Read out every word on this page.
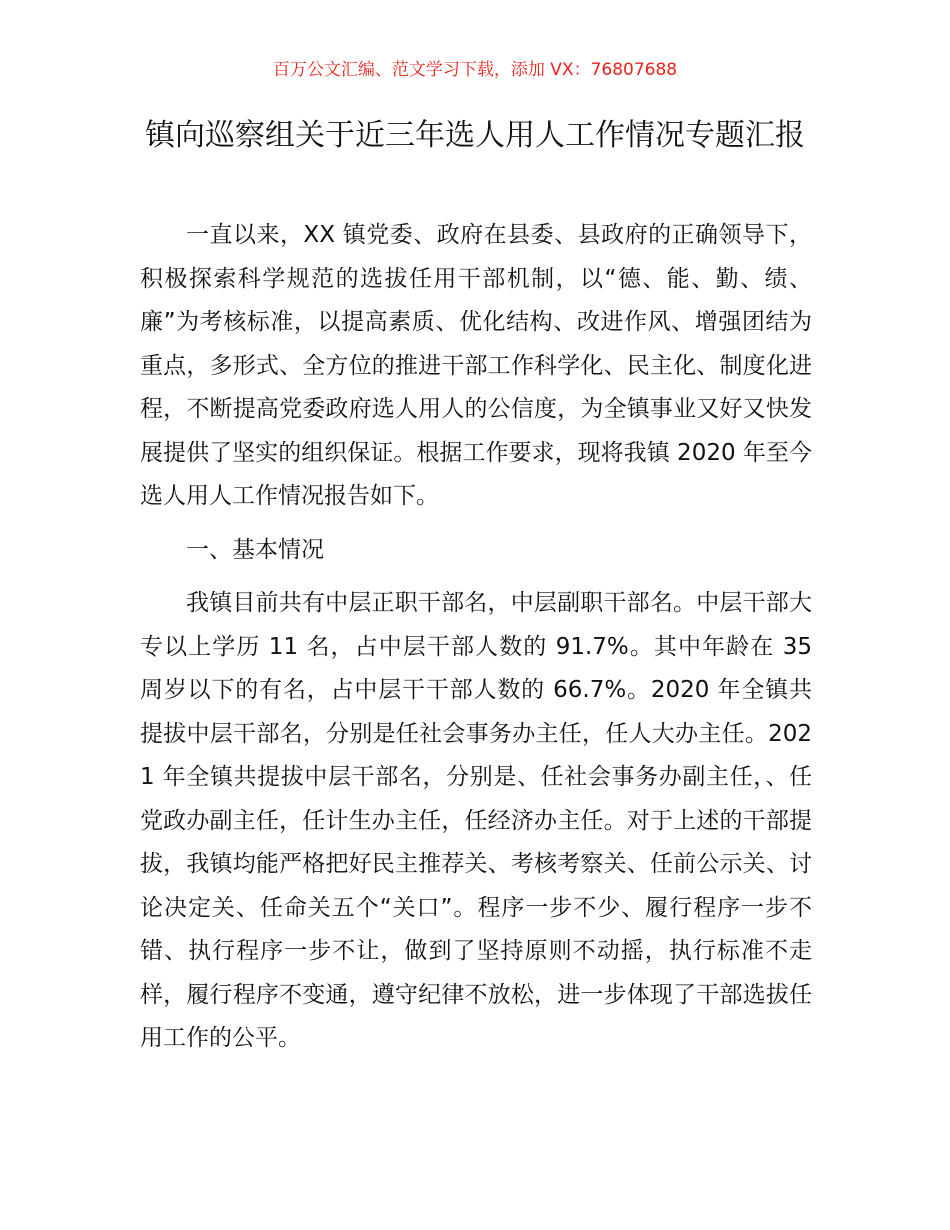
百万公文汇编、范文学习下载，添加 VX：76807688
镇向巡察组关于近三年选人用人工作情况专题汇报

一直以来，XX 镇党委、政府在县委、县政府的正确领导下，积极探索科学规范的选拔任用干部机制，以“德、能、勤、绩、廉”为考核标准，以提高素质、优化结构、改进作风、增强团结为重点，多形式、全方位的推进干部工作科学化、民主化、制度化进程，不断提高党委政府选人用人的公信度，为全镇事业又好又快发展提供了坚实的组织保证。根据工作要求，现将我镇 2020 年至今选人用人工作情况报告如下。

一、基本情况

我镇目前共有中层正职干部名，中层副职干部名。中层干部大专以上学历 11 名，占中层干部人数的 91.7%。其中年龄在 35 周岁以下的有名，占中层干干部人数的 66.7%。2020 年全镇共提拔中层干部名，分别是任社会事务办主任，任人大办主任。2021 年全镇共提拔中层干部名，分别是、任社会事务办副主任，、任党政办副主任，任计生办主任，任经济办主任。对于上述的干部提拔，我镇均能严格把好民主推荐关、考核考察关、任前公示关、讨论决定关、任命关五个“关口”。程序一步不少、履行程序一步不错、执行程序一步不让，做到了坚持原则不动摇，执行标准不走样，履行程序不变通，遵守纪律不放松，进一步体现了干部选拔任用工作的公平。
